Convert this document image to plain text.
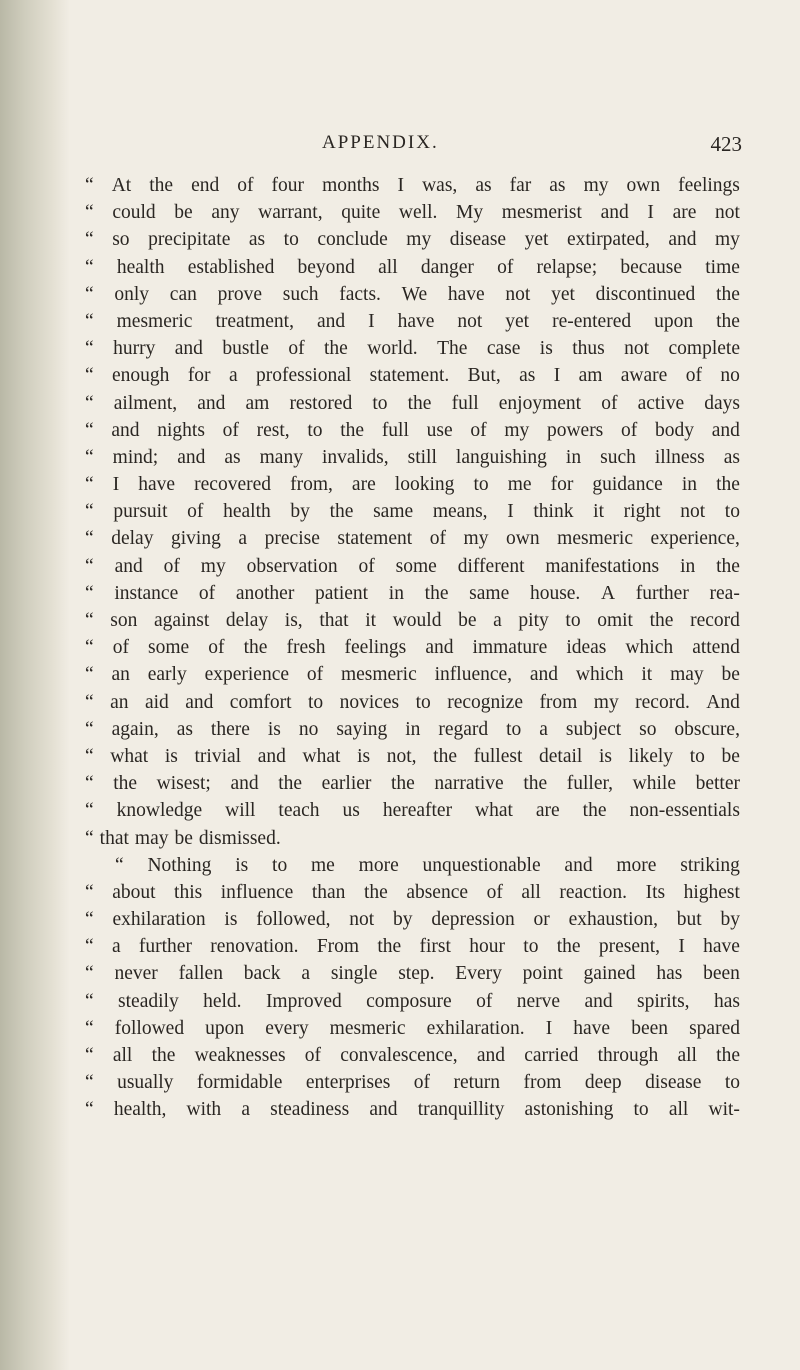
APPENDIX.	423
“ At the end of four months I was, as far as my own feelings
“ could be any warrant, quite well. My mesmerist and I are not
“ so precipitate as to conclude my disease yet extirpated, and my
“ health established beyond all danger of relapse; because time
“ only can prove such facts. We have not yet discontinued the
“ mesmeric treatment, and I have not yet re-entered upon the
“ hurry and bustle of the world. The case is thus not complete
“ enough for a professional statement. But, as I am aware of no
“ ailment, and am restored to the full enjoyment of active days
“ and nights of rest, to the full use of my powers of body and
“ mind; and as many invalids, still languishing in such illness as
“ I have recovered from, are looking to me for guidance in the
“ pursuit of health by the same means, I think it right not to
“ delay giving a precise statement of my own mesmeric experience,
“ and of my observation of some different manifestations in the
“ instance of another patient in the same house. A further rea-
“ son against delay is, that it would be a pity to omit the record
“ of some of the fresh feelings and immature ideas which attend
“ an early experience of mesmeric influence, and which it may be
“ an aid and comfort to novices to recognize from my record. And
“ again, as there is no saying in regard to a subject so obscure,
“ what is trivial and what is not, the fullest detail is likely to be
“ the wisest; and the earlier the narrative the fuller, while better
“ knowledge will teach us hereafter what are the non-essentials
“ that may be dismissed.
“ Nothing is to me more unquestionable and more striking
“ about this influence than the absence of all reaction. Its highest
“ exhilaration is followed, not by depression or exhaustion, but by
“ a further renovation. From the first hour to the present, I have
“ never fallen back a single step. Every point gained has been
“ steadily held. Improved composure of nerve and spirits, has
“ followed upon every mesmeric exhilaration. I have been spared
“ all the weaknesses of convalescence, and carried through all the
“ usually formidable enterprises of return from deep disease to
“ health, with a steadiness and tranquillity astonishing to all wit-
